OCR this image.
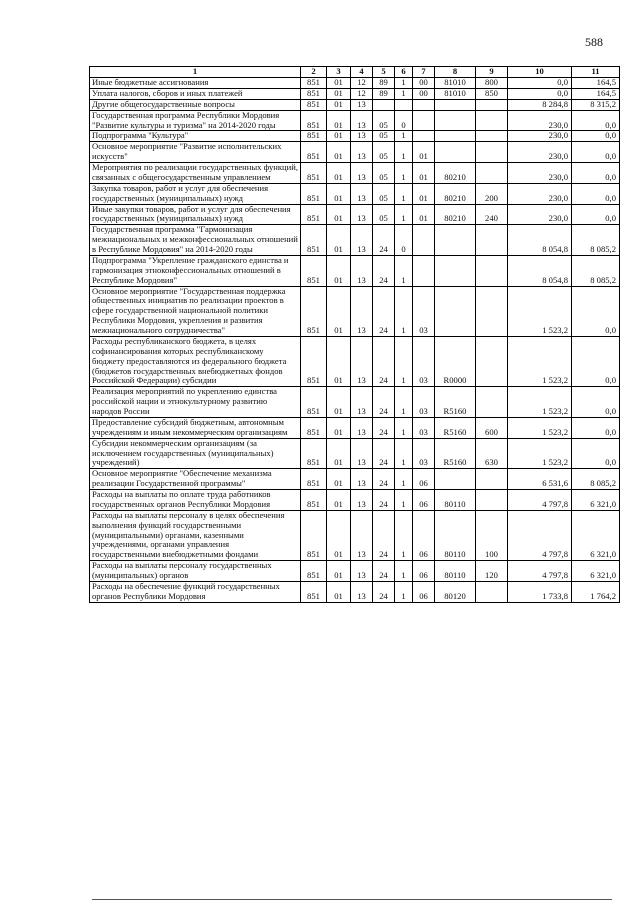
588
1	2	3	4	5	6	7	8	9	10	11
Иные бюджетные ассигнования	851	01	12	89	1	00	81010	800	0,0	164,5
Уплата налогов, сборов и иных платежей	851	01	12	89	1	00	81010	850	0,0	164,5
Другие общегосударственные вопросы	851	01	13						8 284,8	8 315,2
Государственная программа Республики Мордовия "Развитие культуры и туризма" на 2014-2020 годы	851	01	13	05	0				230,0	0,0
Подпрограмма "Культура"	851	01	13	05	1				230,0	0,0
Основное мероприятие "Развитие исполнительских искусств"	851	01	13	05	1	01			230,0	0,0
Мероприятия по реализации государственных функций, связанных с общегосударственным управлением	851	01	13	05	1	01	80210		230,0	0,0
Закупка товаров, работ и услуг для обеспечения государственных (муниципальных) нужд	851	01	13	05	1	01	80210	200	230,0	0,0
Иные закупки товаров, работ и услуг для обеспечения государственных (муниципальных) нужд	851	01	13	05	1	01	80210	240	230,0	0,0
Государственная программа "Гармонизация межнациональных и межконфессиональных отношений в Республике Мордовия" на 2014-2020 годы	851	01	13	24	0				8 054,8	8 085,2
Подпрограмма "Укрепление гражданского единства и гармонизация этноконфессиональных отношений в Республике Мордовия"	851	01	13	24	1				8 054,8	8 085,2
Основное мероприятие "Государственная поддержка общественных инициатив по реализации проектов в сфере государственной национальной политики Республики Мордовия, укрепления и развития межнационального сотрудничества"	851	01	13	24	1	03			1 523,2	0,0
Расходы республиканского бюджета, в целях софинансирования которых республиканскому бюджету предоставляются из федерального бюджета (бюджетов государственных внебюджетных фондов Российской Федерации) субсидии	851	01	13	24	1	03	R0000		1 523,2	0,0
Реализация мероприятий по укреплению единства российской нации и этнокультурному развитию народов России	851	01	13	24	1	03	R5160		1 523,2	0,0
Предоставление субсидий бюджетным, автономным учреждениям и иным некоммерческим организациям	851	01	13	24	1	03	R5160	600	1 523,2	0,0
Субсидии некоммерческим организациям (за исключением государственных (муниципальных) учреждений)	851	01	13	24	1	03	R5160	630	1 523,2	0,0
Основное мероприятие "Обеспечение механизма реализации Государственной программы"	851	01	13	24	1	06			6 531,6	8 085,2
Расходы на выплаты по оплате труда работников государственных органов Республики Мордовия	851	01	13	24	1	06	80110		4 797,8	6 321,0
Расходы на выплаты персоналу в целях обеспечения выполнения функций государственными (муниципальными) органами, казенными учреждениями, органами управления государственными внебюджетными фондами	851	01	13	24	1	06	80110	100	4 797,8	6 321,0
Расходы на выплаты персоналу государственных (муниципальных) органов	851	01	13	24	1	06	80110	120	4 797,8	6 321,0
Расходы на обеспечение функций государственных органов Республики Мордовия	851	01	13	24	1	06	80120		1 733,8	1 764,2
